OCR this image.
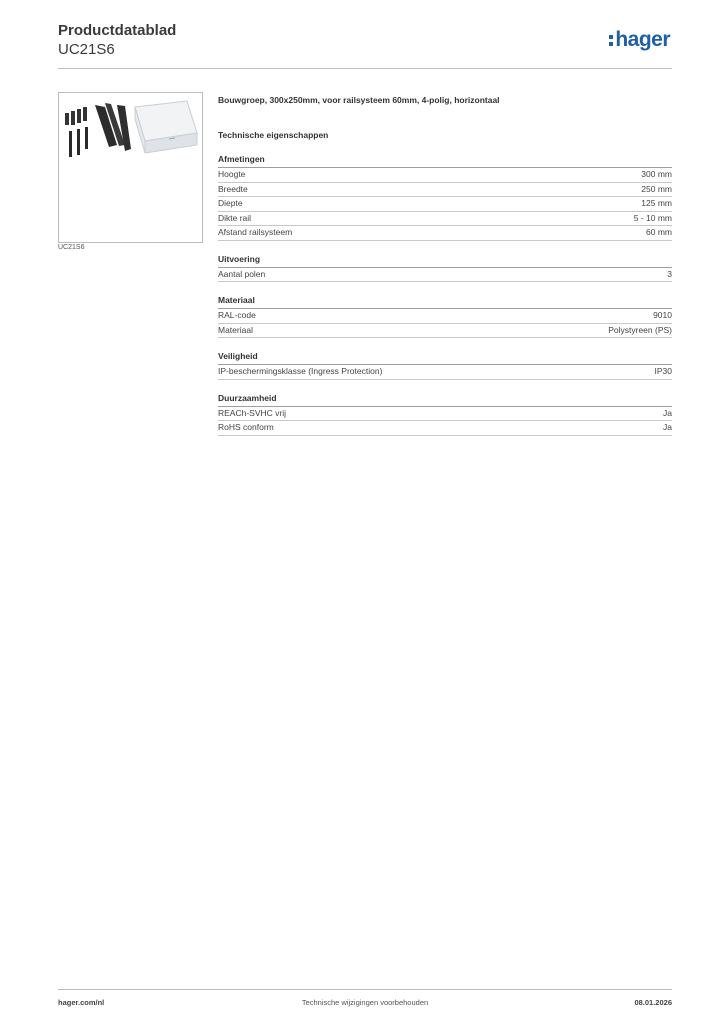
Productdatablad
UC21S6	hager
UC21S6
Bouwgroep, 300x250mm, voor railsysteem 60mm, 4-polig, horizontaal
Technische eigenschappen
Afmetingen
Hoogte	300 mm
Breedte	250 mm
Diepte	125 mm
Dikte rail	5 - 10 mm
Afstand railsysteem	60 mm
Uitvoering
Aantal polen	3
Materiaal
RAL-code	9010
Materiaal	Polystyreen (PS)
Veiligheid
IP-beschermingsklasse (Ingress Protection)	IP30
Duurzaamheid
REACh-SVHC vrij	Ja
RoHS conform	Ja
hager.com/nl	Technische wijzigingen voorbehouden	08.01.2026
